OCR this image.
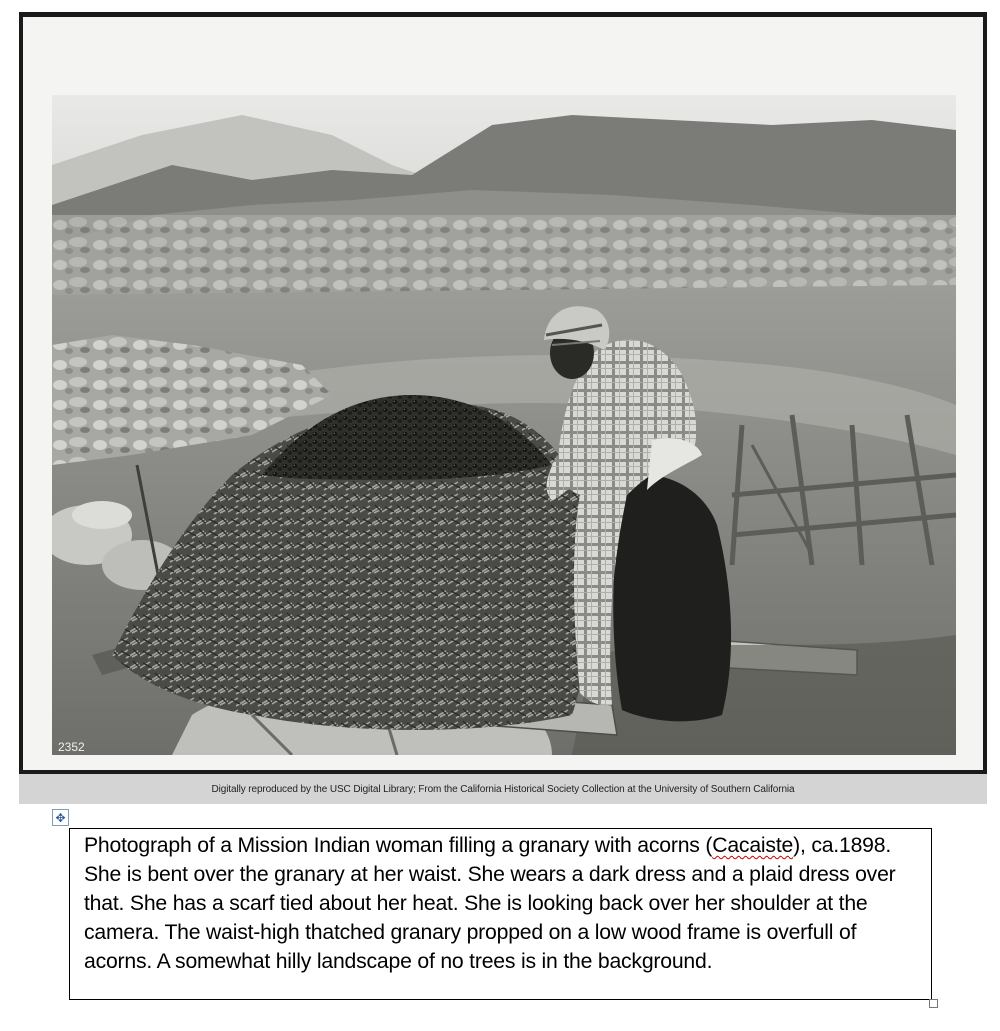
2352
Digitally reproduced by the USC Digital Library; From the California Historical Society Collection at the University of Southern California
✥

Photograph of a Mission Indian woman filling a granary with acorns (Cacaiste), ca.1898. She is bent over the granary at her waist. She wears a dark dress and a plaid dress over that. She has a scarf tied about her heat. She is looking back over her shoulder at the camera. The waist-high thatched granary propped on a low wood frame is overfull of acorns. A somewhat hilly landscape of no trees is in the background.
